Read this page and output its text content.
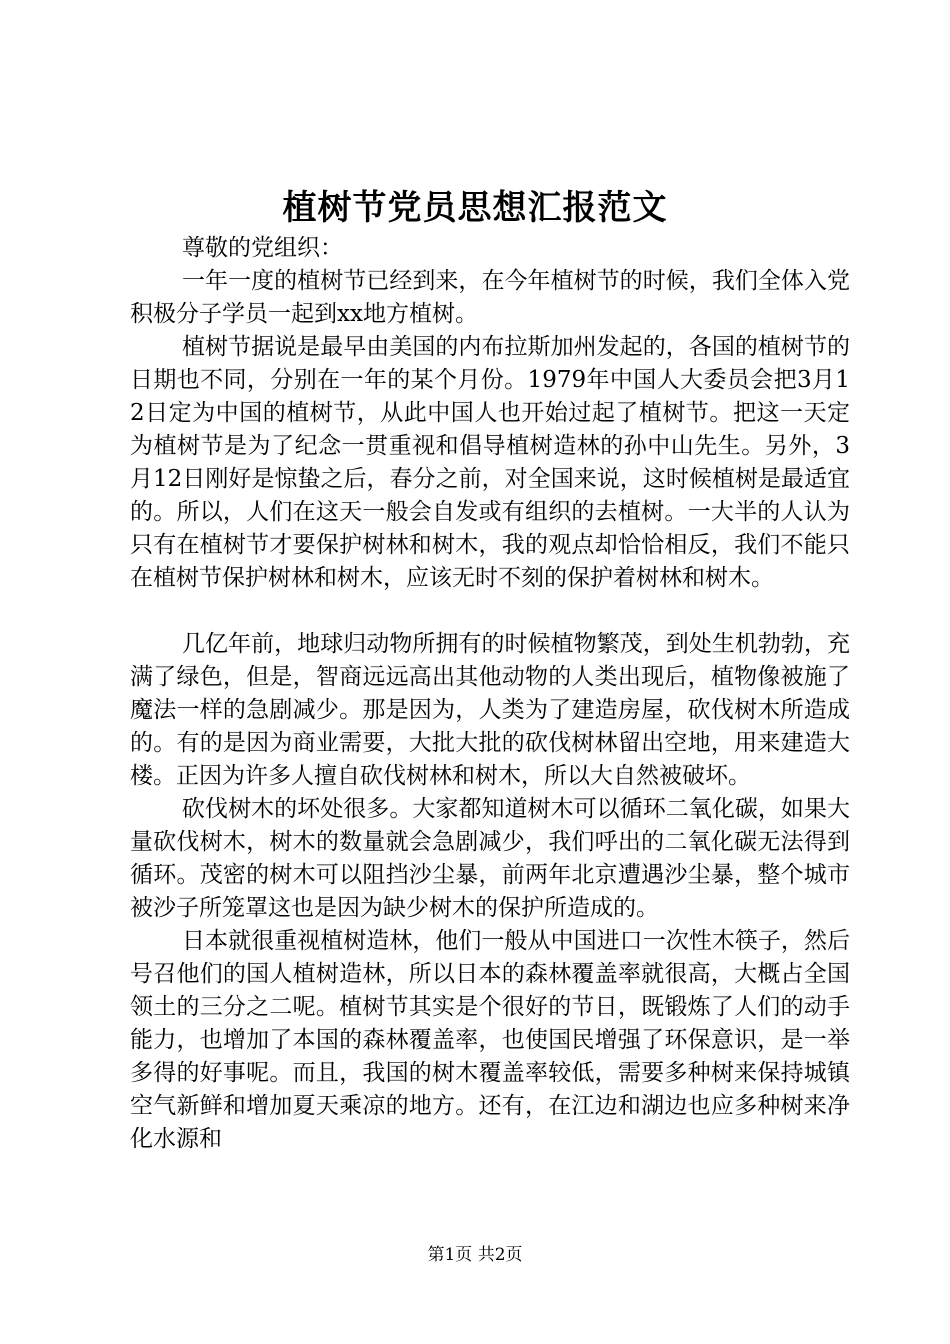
植树节党员思想汇报范文

尊敬的党组织：

一年一度的植树节已经到来，在今年植树节的时候，我们全体入党积极分子学员一起到xx地方植树。

植树节据说是最早由美国的内布拉斯加州发起的，各国的植树节的日期也不同，分别在一年的某个月份。1979年中国人大委员会把3月12日定为中国的植树节，从此中国人也开始过起了植树节。把这一天定为植树节是为了纪念一贯重视和倡导植树造林的孙中山先生。另外，3月12日刚好是惊蛰之后，春分之前，对全国来说，这时候植树是最适宜的。所以，人们在这天一般会自发或有组织的去植树。一大半的人认为只有在植树节才要保护树林和树木，我的观点却恰恰相反，我们不能只在植树节保护树林和树木，应该无时不刻的保护着树林和树木。

几亿年前，地球归动物所拥有的时候植物繁茂，到处生机勃勃，充满了绿色，但是，智商远远高出其他动物的人类出现后，植物像被施了魔法一样的急剧减少。那是因为，人类为了建造房屋，砍伐树木所造成的。有的是因为商业需要，大批大批的砍伐树林留出空地，用来建造大楼。正因为许多人擅自砍伐树林和树木，所以大自然被破坏。

砍伐树木的坏处很多。大家都知道树木可以循环二氧化碳，如果大量砍伐树木，树木的数量就会急剧减少，我们呼出的二氧化碳无法得到循环。茂密的树木可以阻挡沙尘暴，前两年北京遭遇沙尘暴，整个城市被沙子所笼罩这也是因为缺少树木的保护所造成的。

日本就很重视植树造林，他们一般从中国进口一次性木筷子，然后号召他们的国人植树造林，所以日本的森林覆盖率就很高，大概占全国领土的三分之二呢。植树节其实是个很好的节日，既锻炼了人们的动手能力，也增加了本国的森林覆盖率，也使国民增强了环保意识，是一举多得的好事呢。而且，我国的树木覆盖率较低，需要多种树来保持城镇空气新鲜和增加夏天乘凉的地方。还有，在江边和湖边也应多种树来净化水源和

第1页 共2页
